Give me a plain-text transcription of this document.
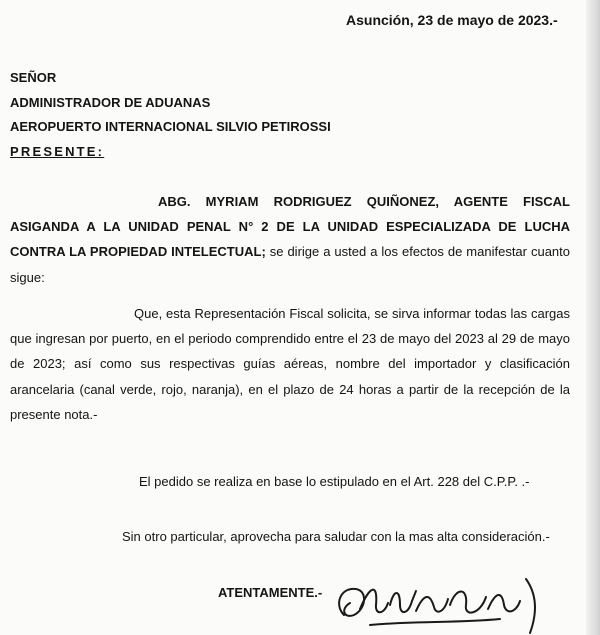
Asunción, 23 de mayo de 2023.-
SEÑOR
ADMINISTRADOR DE ADUANAS
AEROPUERTO INTERNACIONAL SILVIO PETIROSSI
PRESENTE:
ABG. MYRIAM RODRIGUEZ QUIÑONEZ, AGENTE FISCAL ASIGANDA A LA UNIDAD PENAL N° 2 DE LA UNIDAD ESPECIALIZADA DE LUCHA CONTRA LA PROPIEDAD INTELECTUAL; se dirige a usted a los efectos de manifestar cuanto sigue:
Que, esta Representación Fiscal solicita, se sirva informar todas las cargas que ingresan por puerto, en el periodo comprendido entre el 23 de mayo del 2023 al 29 de mayo de 2023; así como sus respectivas guías aéreas, nombre del importador y clasificación arancelaria (canal verde, rojo, naranja), en el plazo de 24 horas a partir de la recepción de la presente nota.-
El pedido se realiza en base lo estipulado en el Art. 228 del C.P.P. .-
Sin otro particular, aprovecha para saludar con la mas alta consideración.-
ATENTAMENTE.-
